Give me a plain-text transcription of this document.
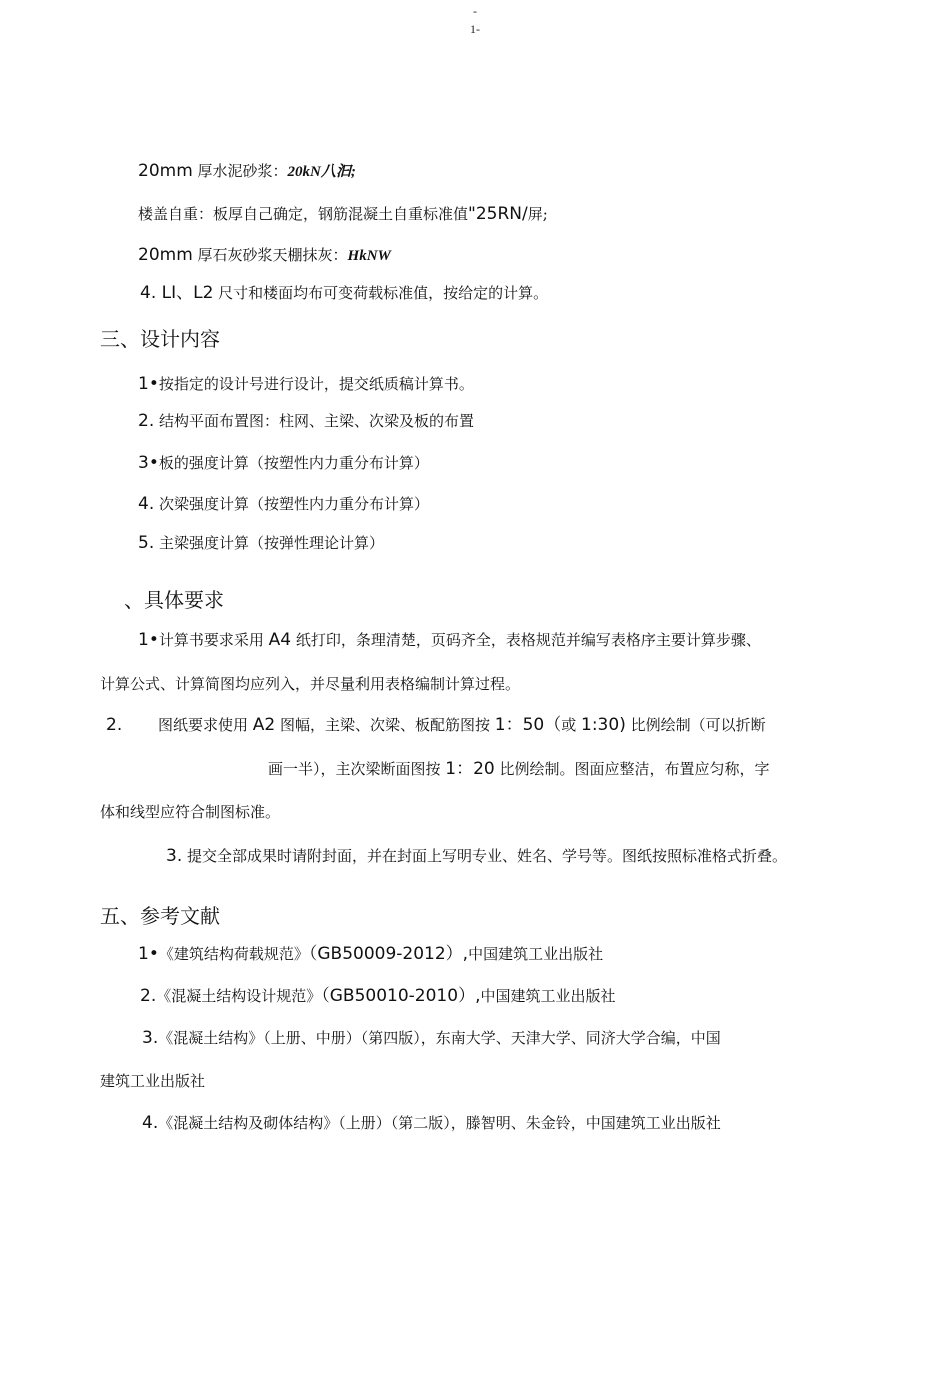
-
1-
20mm 厚水泥砂浆：20kN八汩;
楼盖自重：板厚自己确定，钢筋混凝土自重标准值"25RN/屏;
20mm 厚石灰砂浆天棚抹灰：HkNW
4. LI、L2 尺寸和楼面均布可变荷载标准值，按给定的计算。
三、设计内容
1•按指定的设计号进行设计，提交纸质稿计算书。
2. 结构平面布置图：柱网、主梁、次梁及板的布置
3•板的强度计算（按塑性内力重分布计算）
4. 次梁强度计算（按塑性内力重分布计算）
5. 主梁强度计算（按弹性理论计算）
、具体要求
1•计算书要求采用 A4 纸打印，条理清楚，页码齐全，表格规范并编写表格序主要计算步骤、
计算公式、计算简图均应列入，并尽量利用表格编制计算过程。
2. 图纸要求使用 A2 图幅，主梁、次梁、板配筋图按 1：50（或 1:30) 比例绘制（可以折断
画一半），主次梁断面图按 1：20 比例绘制。图面应整洁，布置应匀称，字
体和线型应符合制图标准。
3. 提交全部成果时请附封面，并在封面上写明专业、姓名、学号等。图纸按照标准格式折叠。
五、参考文献
1•《建筑结构荷载规范》（GB50009-2012）,中国建筑工业出版社
2.《混凝土结构设计规范》（GB50010-2010）,中国建筑工业出版社
3.《混凝土结构》（上册、中册）（第四版），东南大学、天津大学、同济大学合编，中国
建筑工业出版社
4.《混凝土结构及砌体结构》（上册）（第二版），滕智明、朱金铃，中国建筑工业出版社
